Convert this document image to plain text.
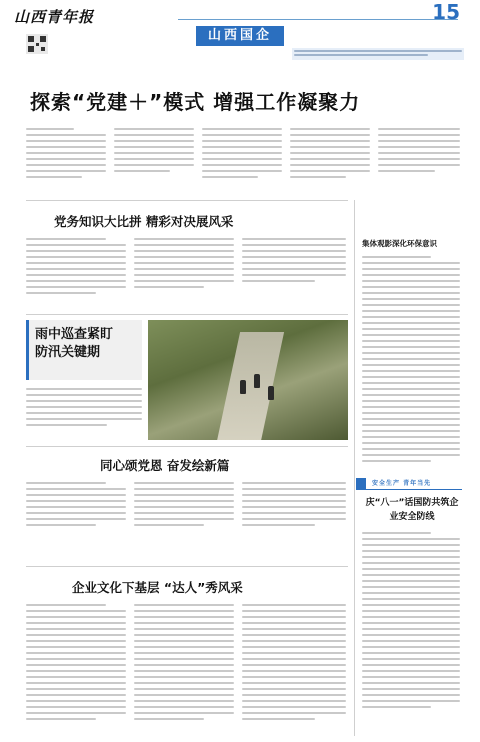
山西青年报
山西国企
15
探索“党建＋”模式 增强工作凝聚力
党务知识大比拼 精彩对决展风采
集体观影深化环保意识
雨中巡查紧盯防汛关键期
同心颂党恩 奋发绘新篇
安全生产 青年当先
庆“八一”话国防共筑企业安全防线
企业文化下基层 “达人”秀风采
